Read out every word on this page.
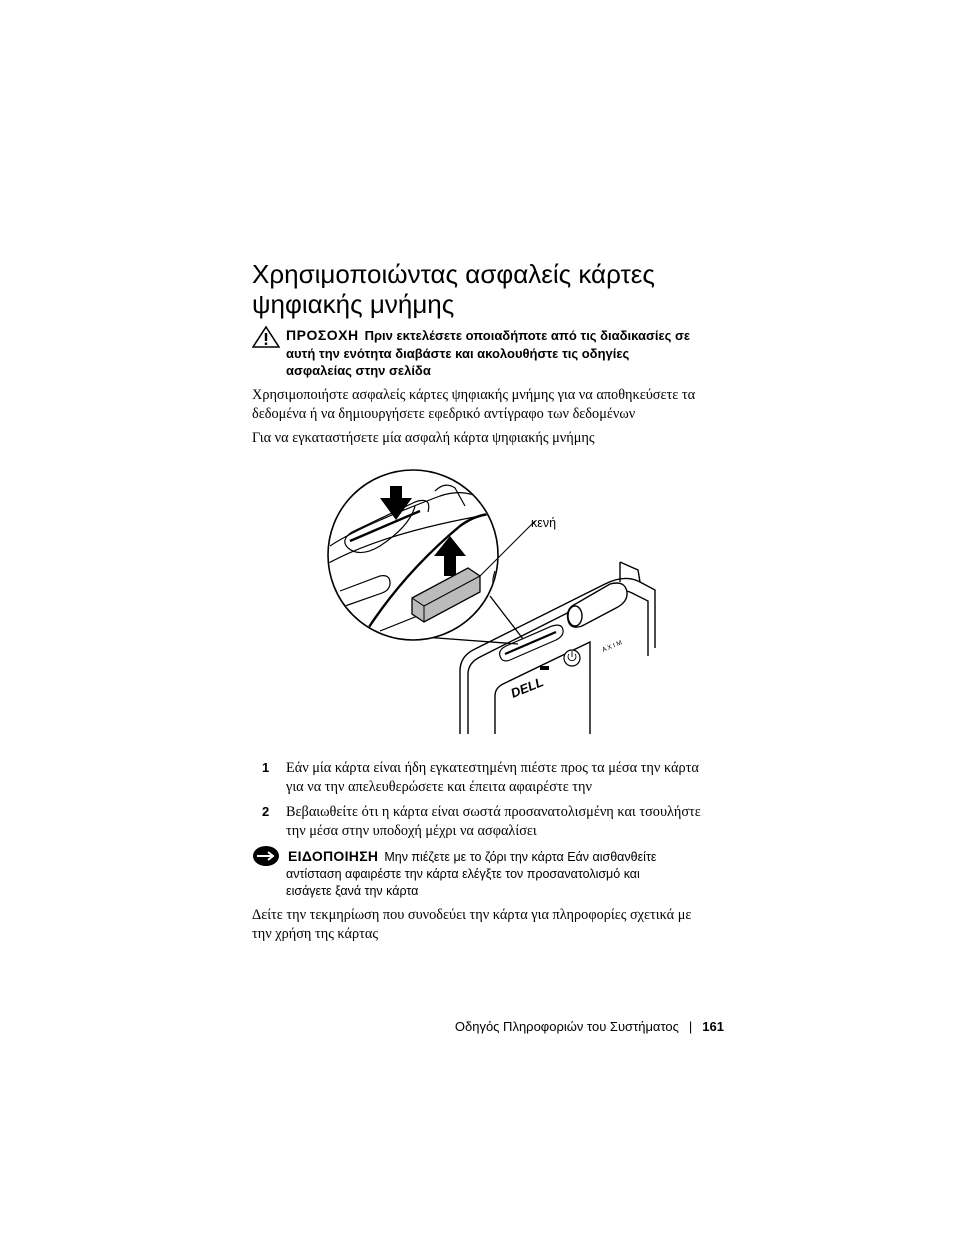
Χρησιμοποιώντας ασφαλείς κάρτες
ψηφιακής μνήμης
ΠΡΟΣΟΧΗ Πριν εκτελέσετε οποιαδήποτε από τις διαδικασίες σε
αυτή την ενότητα διαβάστε και ακολουθήστε τις οδηγίες
ασφαλείας στην σελίδα
Χρησιμοποιήστε ασφαλείς κάρτες ψηφιακής μνήμης για να αποθηκεύσετε τα
δεδομένα ή να δημιουργήσετε εφεδρικό αντίγραφο των δεδομένων
Για να εγκαταστήσετε μία ασφαλή κάρτα ψηφιακής μνήμης
DELL
A X I M
κενή
1 Εάν μία κάρτα είναι ήδη εγκατεστημένη πιέστε προς τα μέσα την κάρτα
για να την απελευθερώσετε και έπειτα αφαιρέστε την
2 Βεβαιωθείτε ότι η κάρτα είναι σωστά προσανατολισμένη και τσουλήστε
την μέσα στην υποδοχή μέχρι να ασφαλίσει
ΕΙΔΟΠΟΙΗΣΗ Μην πιέζετε με το ζόρι την κάρτα Εάν αισθανθείτε
αντίσταση αφαιρέστε την κάρτα ελέγξτε τον προσανατολισμό και
εισάγετε ξανά την κάρτα
Δείτε την τεκμηρίωση που συνοδεύει την κάρτα για πληροφορίες σχετικά με
την χρήση της κάρτας
Οδηγός Πληροφοριών του Συστήματος | 161
